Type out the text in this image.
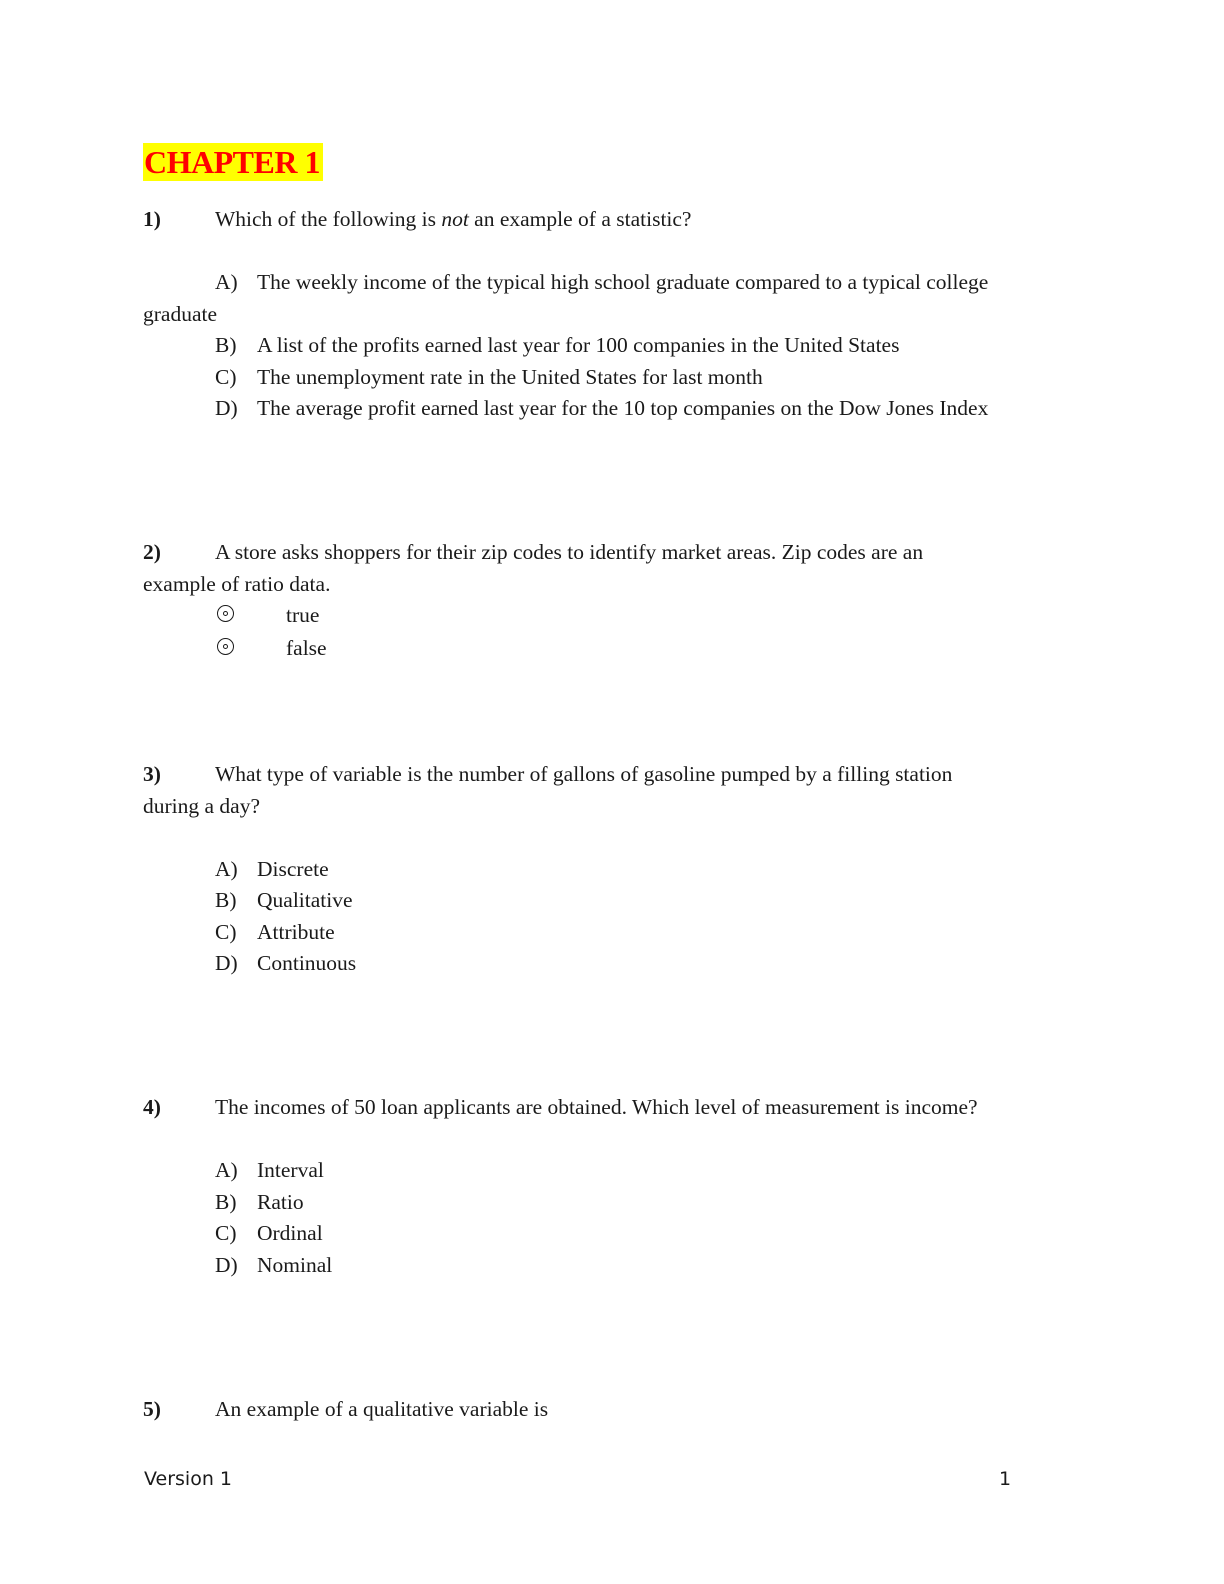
CHAPTER 1
1)	Which of the following is not an example of a statistic?
A) The weekly income of the typical high school graduate compared to a typical college
graduate
B) A list of the profits earned last year for 100 companies in the United States
C) The unemployment rate in the United States for last month
D) The average profit earned last year for the 10 top companies on the Dow Jones Index
2)	A store asks shoppers for their zip codes to identify market areas. Zip codes are an
example of ratio data.
true
false
3)	What type of variable is the number of gallons of gasoline pumped by a filling station
during a day?
A) Discrete
B) Qualitative
C) Attribute
D) Continuous
4)	The incomes of 50 loan applicants are obtained. Which level of measurement is income?
A) Interval
B) Ratio
C) Ordinal
D) Nominal
5)	An example of a qualitative variable is
Version 1	1
